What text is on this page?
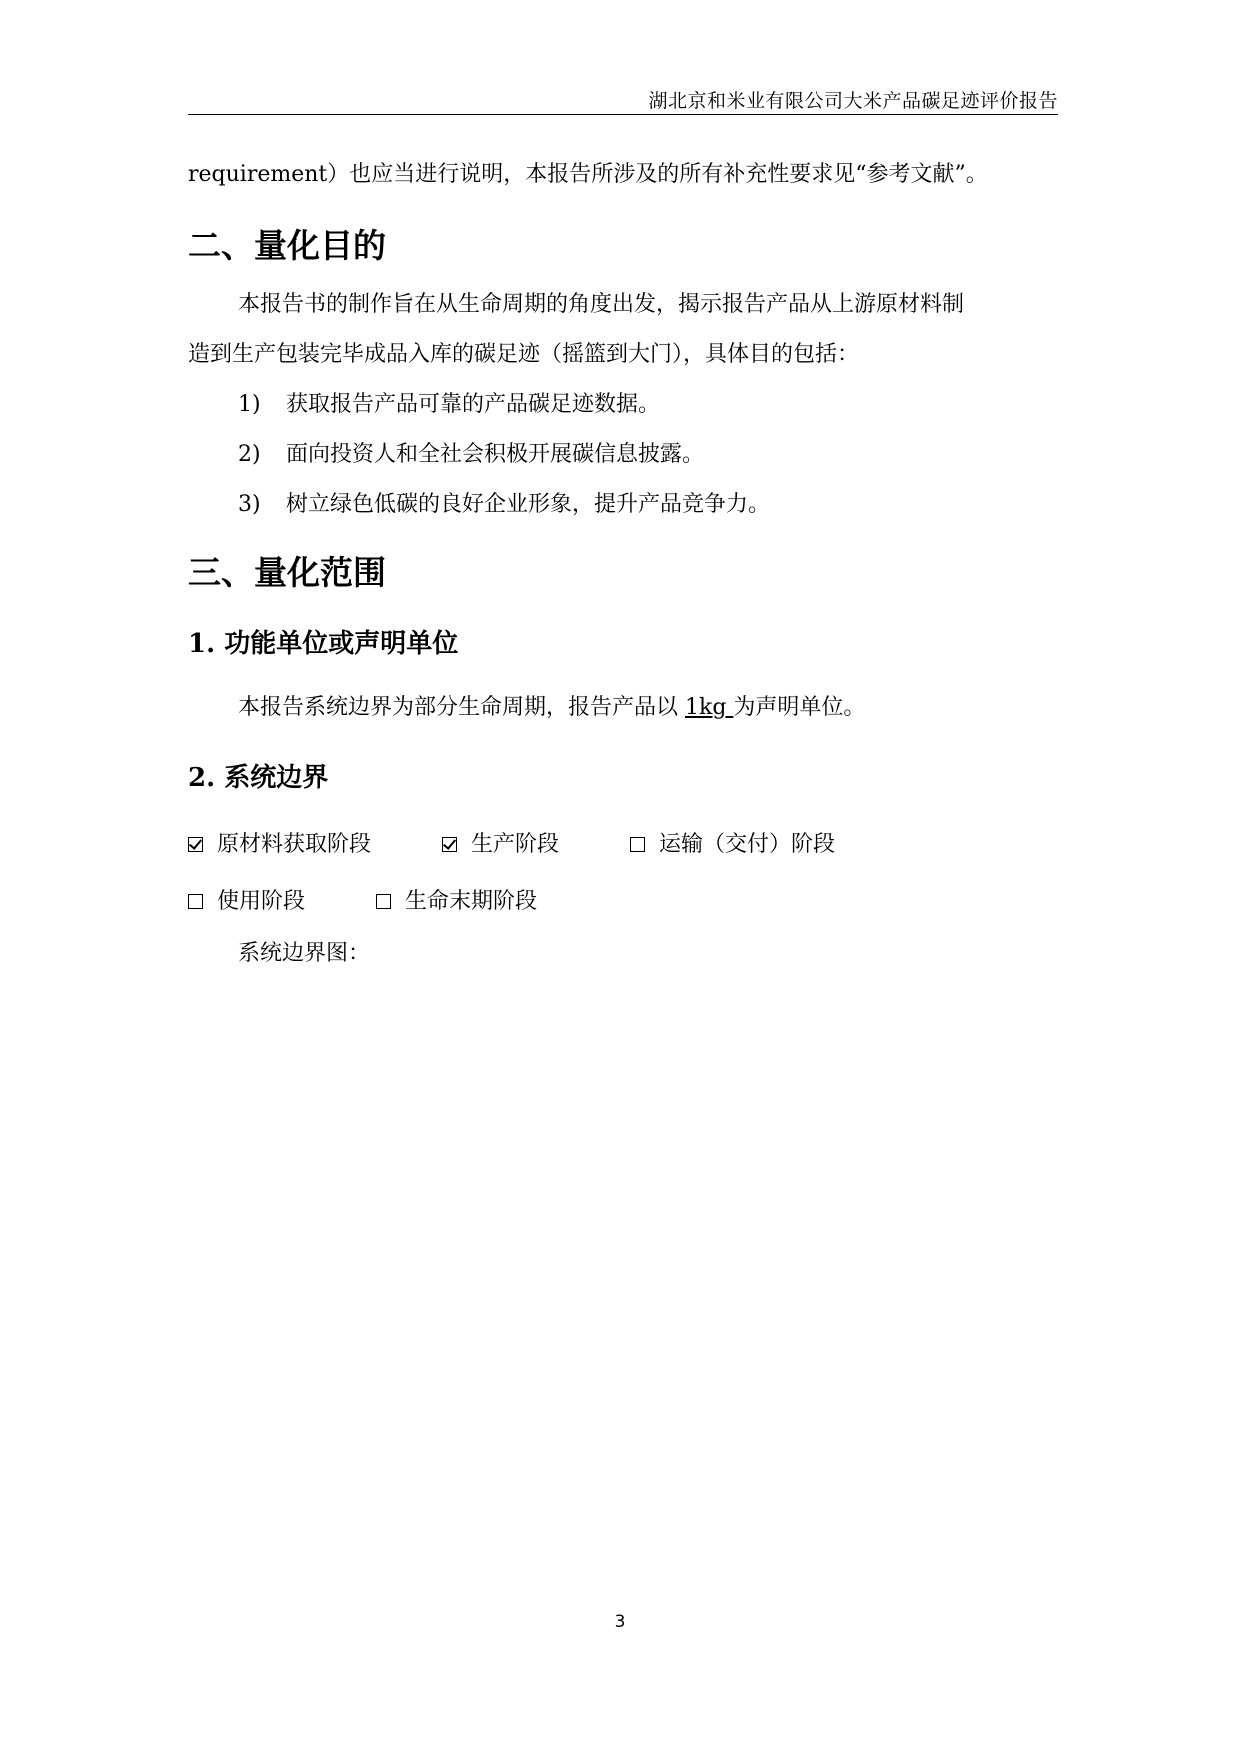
湖北京和米业有限公司大米产品碳足迹评价报告
requirement）也应当进行说明，本报告所涉及的所有补充性要求见“参考文献”。
二、量化目的
本报告书的制作旨在从生命周期的角度出发，揭示报告产品从上游原材料制
造到生产包装完毕成品入库的碳足迹（摇篮到大门），具体目的包括：
1) 获取报告产品可靠的产品碳足迹数据。
2) 面向投资人和全社会积极开展碳信息披露。
3) 树立绿色低碳的良好企业形象，提升产品竞争力。
三、量化范围
1. 功能单位或声明单位
本报告系统边界为部分生命周期，报告产品以 1kg 为声明单位。
2. 系统边界
原材料获取阶段	生产阶段	运输（交付）阶段
使用阶段	生命末期阶段
系统边界图：
3
